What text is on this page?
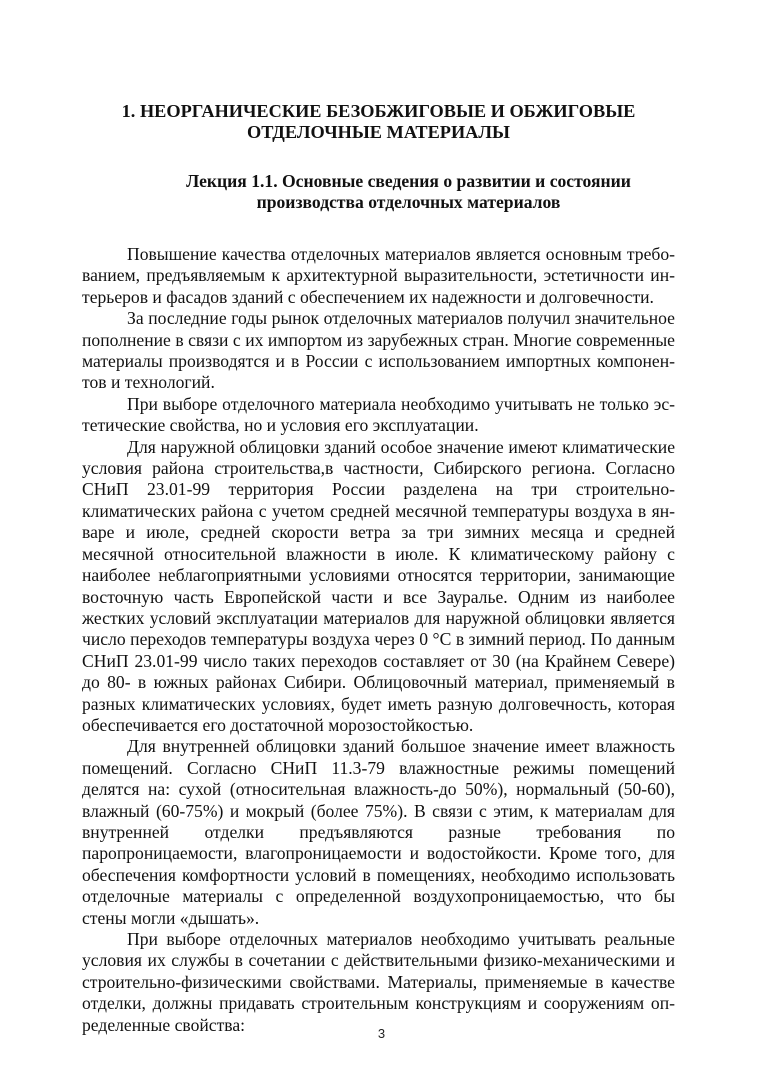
1. НЕОРГАНИЧЕСКИЕ БЕЗОБЖИГОВЫЕ И ОБЖИГОВЫЕ
ОТДЕЛОЧНЫЕ МАТЕРИАЛЫ
Лекция 1.1. Основные сведения о развитии и состоянии
производства отделочных материалов

Повышение качества отделочных материалов является основным требованием, предъявляемым к архитектурной выразительности, эстетичности интерьеров и фасадов зданий с обеспечением их надежности и долговечности.

За последние годы рынок отделочных материалов получил значительное пополнение в связи с их импортом из зарубежных стран. Многие современные материалы производятся и в России с использованием импортных компонентов и технологий.

При выборе отделочного материала необходимо учитывать не только эстетические свойства, но и условия его эксплуатации.

Для наружной облицовки зданий особое значение имеют климатические условия района строительства,в частности, Сибирского региона. Согласно СНиП 23.01-99 территория России разделена на три строительно-климатических района с учетом средней месячной температуры воздуха в январе и июле, средней скорости ветра за три зимних месяца и средней месячной относительной влажности в июле. К климатическому району с наиболее неблагоприятными условиями относятся территории, занимающие восточную часть Европейской части и все Зауралье. Одним из наиболее жестких условий эксплуатации материалов для наружной облицовки является число переходов температуры воздуха через 0 °C в зимний период. По данным СНиП 23.01-99 число таких переходов составляет от 30 (на Крайнем Севере) до 80- в южных районах Сибири. Облицовочный материал, применяемый в разных климатических условиях, будет иметь разную долговечность, которая обеспечивается его достаточной морозостойкостью.

Для внутренней облицовки зданий большое значение имеет влажность помещений. Согласно СНиП 11.3-79 влажностные режимы помещений делятся на: сухой (относительная влажность-до 50%), нормальный (50-60), влажный (60-75%) и мокрый (более 75%). В связи с этим, к материалам для внутренней отделки предъявляются разные требования по паропроницаемости, влагопроницаемости и водостойкости. Кроме того, для обеспечения комфортности условий в помещениях, необходимо использовать отделочные материалы с определенной воздухопроницаемостью, что бы стены могли «дышать».

При выборе отделочных материалов необходимо учитывать реальные условия их службы в сочетании с действительными физико-механическими и строительно-физическими свойствами. Материалы, применяемые в качестве отделки, должны придавать строительным конструкциям и сооружениям определенные свойства:	3
